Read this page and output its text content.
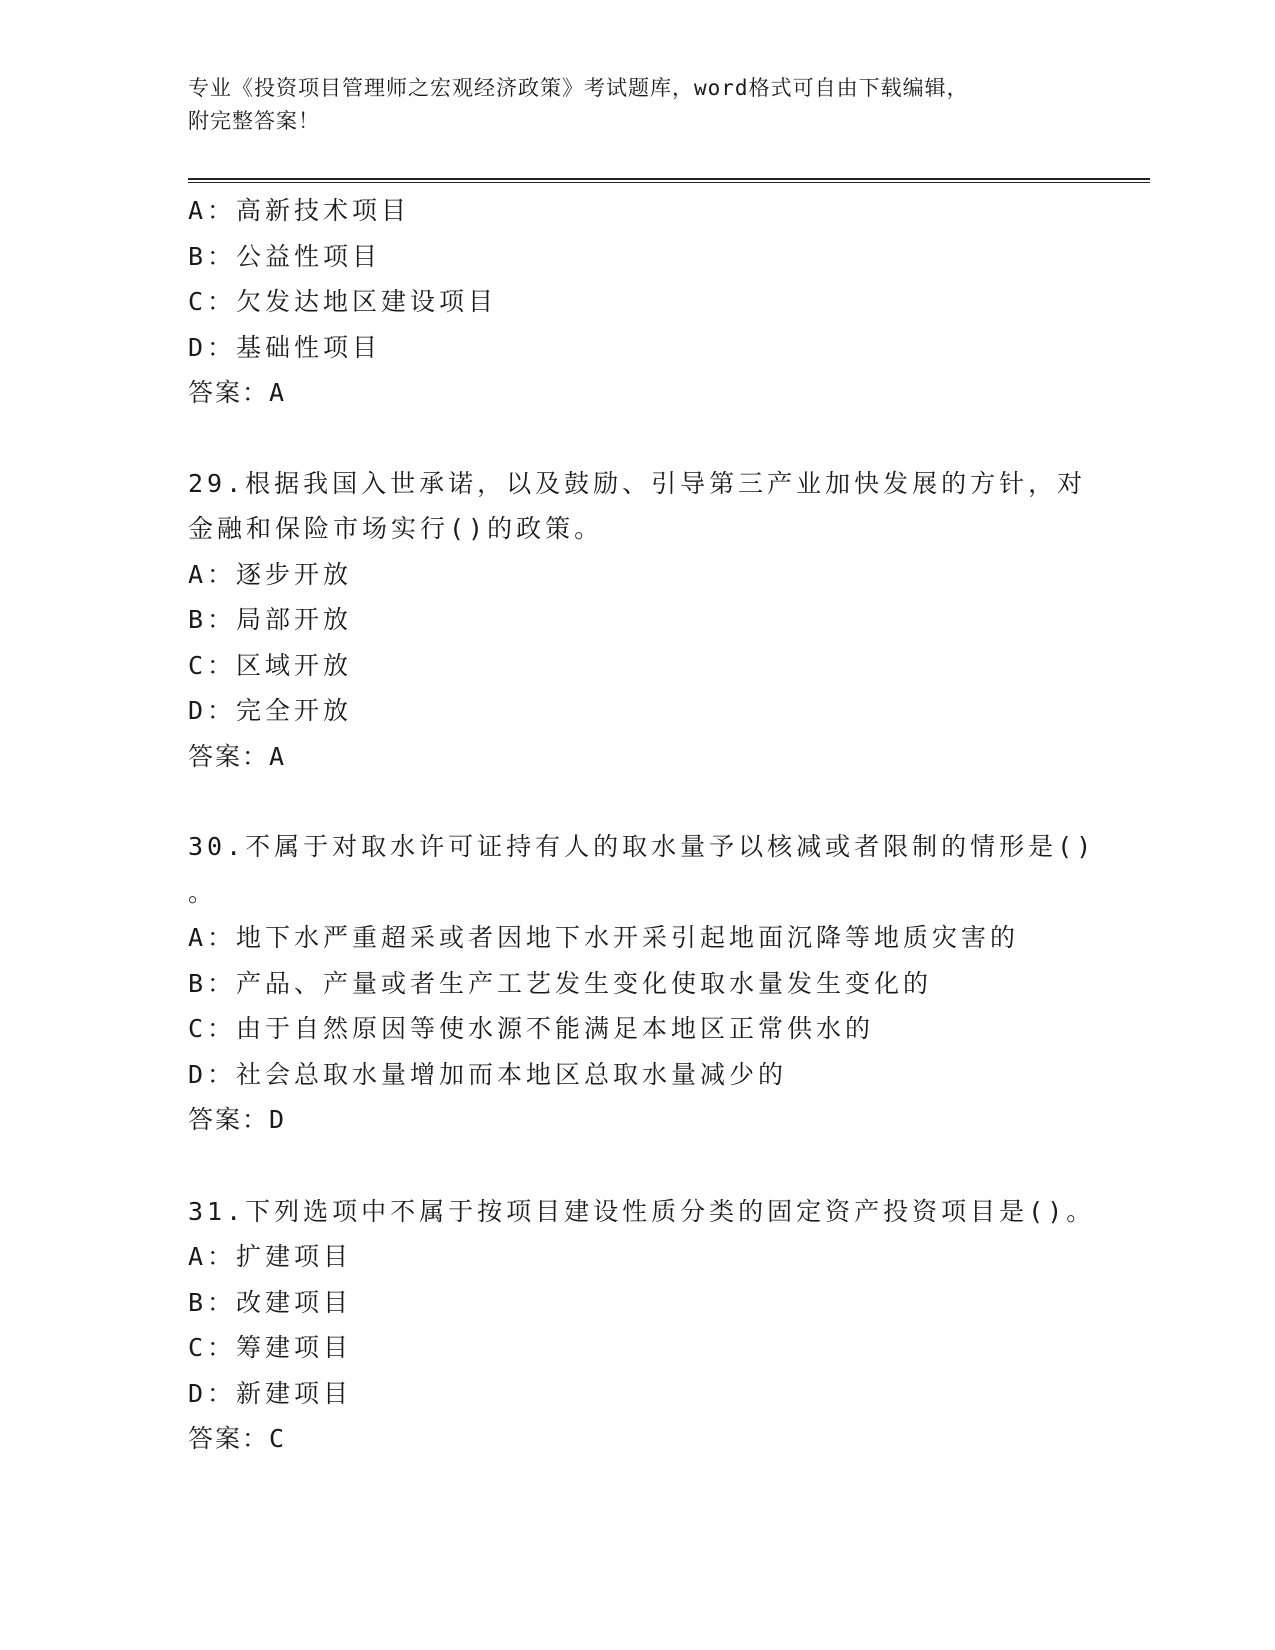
专业《投资项目管理师之宏观经济政策》考试题库，word格式可自由下载编辑，
附完整答案！
A：高新技术项目
B：公益性项目
C：欠发达地区建设项目
D：基础性项目
答案：A
29.根据我国入世承诺，以及鼓励、引导第三产业加快发展的方针，对
金融和保险市场实行()的政策。
A：逐步开放
B：局部开放
C：区域开放
D：完全开放
答案：A
30.不属于对取水许可证持有人的取水量予以核减或者限制的情形是()
。
A：地下水严重超采或者因地下水开采引起地面沉降等地质灾害的
B：产品、产量或者生产工艺发生变化使取水量发生变化的
C：由于自然原因等使水源不能满足本地区正常供水的
D：社会总取水量增加而本地区总取水量减少的
答案：D
31.下列选项中不属于按项目建设性质分类的固定资产投资项目是()。
A：扩建项目
B：改建项目
C：筹建项目
D：新建项目
答案：C
